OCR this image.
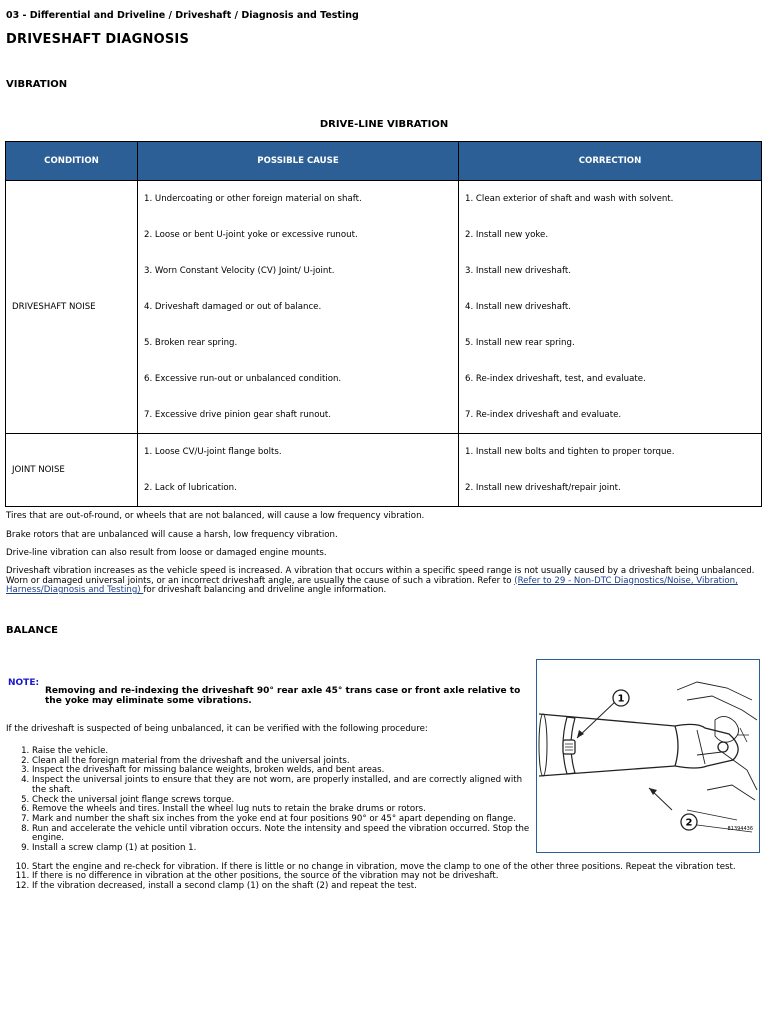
03 - Differential and Driveline / Driveshaft / Diagnosis and Testing
DRIVESHAFT DIAGNOSIS
VIBRATION
DRIVE-LINE VIBRATION
CONDITION	POSSIBLE CAUSE	CORRECTION
DRIVESHAFT NOISE	1. Undercoating or other foreign material on shaft.	1. Clean exterior of shaft and wash with solvent.
	2. Loose or bent U-joint yoke or excessive runout.	2. Install new yoke.
	3. Worn Constant Velocity (CV) Joint/ U-joint.	3. Install new driveshaft.
	4. Driveshaft damaged or out of balance.	4. Install new driveshaft.
	5. Broken rear spring.	5. Install new rear spring.
	6. Excessive run-out or unbalanced condition.	6. Re-index driveshaft, test, and evaluate.
	7. Excessive drive pinion gear shaft runout.	7. Re-index driveshaft and evaluate.
JOINT NOISE	1. Loose CV/U-joint flange bolts.	1. Install new bolts and tighten to proper torque.
	2. Lack of lubrication.	2. Install new driveshaft/repair joint.
Tires that are out-of-round, or wheels that are not balanced, will cause a low frequency vibration.
Brake rotors that are unbalanced will cause a harsh, low frequency vibration.
Drive-line vibration can also result from loose or damaged engine mounts.
Driveshaft vibration increases as the vehicle speed is increased. A vibration that occurs within a specific speed range is not usually caused by a driveshaft being unbalanced. Worn or damaged universal joints, or an incorrect driveshaft angle, are usually the cause of such a vibration. Refer to (Refer to 29 - Non-DTC Diagnostics/Noise, Vibration, Harness/Diagnosis and Testing) for driveshaft balancing and driveline angle information.
BALANCE
NOTE:
Removing and re-indexing the driveshaft 90° rear axle 45° trans case or front axle relative to the yoke may eliminate some vibrations.
If the driveshaft is suspected of being unbalanced, it can be verified with the following procedure:
1. Raise the vehicle.
2. Clean all the foreign material from the driveshaft and the universal joints.
3. Inspect the driveshaft for missing balance weights, broken welds, and bent areas.
4. Inspect the universal joints to ensure that they are not worn, are properly installed, and are correctly aligned with the shaft.
5. Check the universal joint flange screws torque.
6. Remove the wheels and tires. Install the wheel lug nuts to retain the brake drums or rotors.
7. Mark and number the shaft six inches from the yoke end at four positions 90° or 45° apart depending on flange.
8. Run and accelerate the vehicle until vibration occurs. Note the intensity and speed the vibration occurred. Stop the engine.
9. Install a screw clamp (1) at position 1.
10. Start the engine and re-check for vibration. If there is little or no change in vibration, move the clamp to one of the other three positions. Repeat the vibration test.
11. If there is no difference in vibration at the other positions, the source of the vibration may not be driveshaft.
12. If the vibration decreased, install a second clamp (1) on the shaft (2) and repeat the test.
1
2
81394436
